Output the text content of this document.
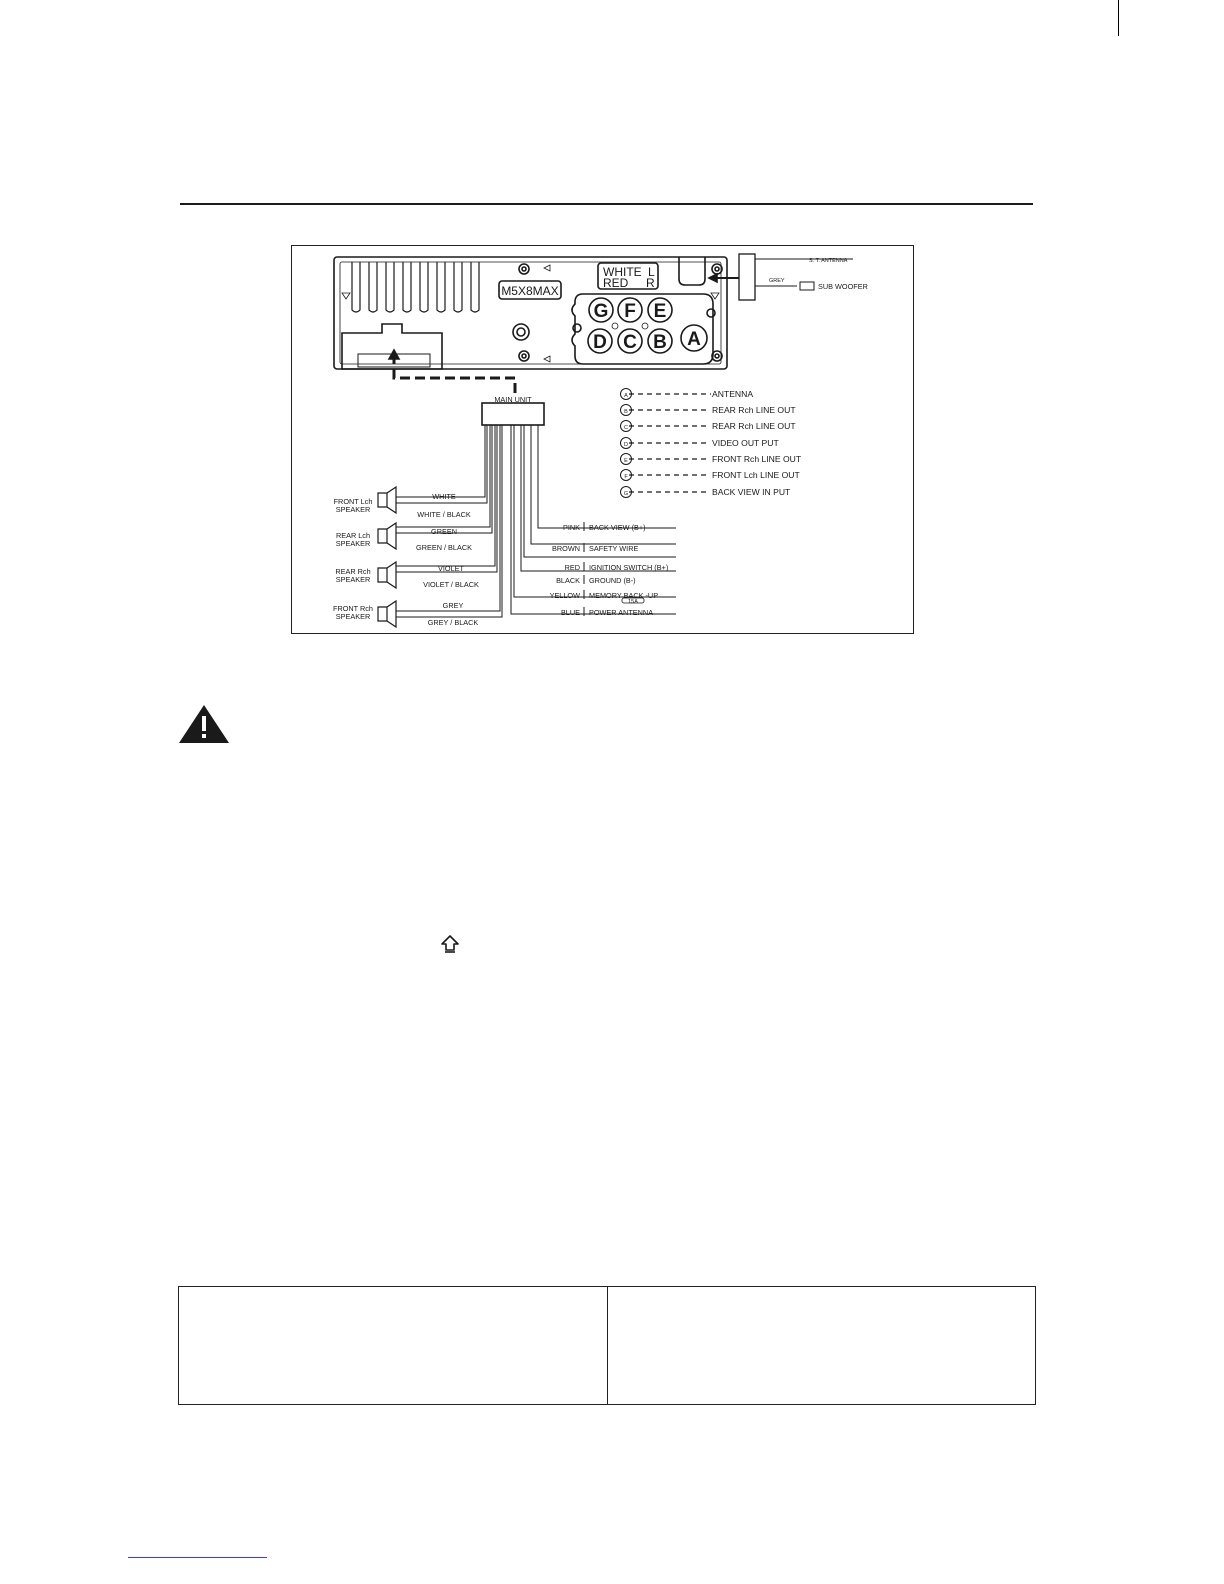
M5X8MAX
WHITE
RED
L
R
G F E
D C B A
MAIN UNIT
S. T. ANTENNA
GREY
SUB WOOFER
A	ANTENNA
B	REAR Rch LINE OUT
C	REAR Rch LINE OUT
D	VIDEO OUT PUT
E	FRONT Rch LINE OUT
F	FRONT Lch LINE OUT
G	BACK VIEW IN PUT
FRONT Lch
SPEAKER
WHITE
WHITE / BLACK
REAR Lch
SPEAKER
GREEN
GREEN / BLACK
REAR Rch
SPEAKER
VIOLET
VIOLET / BLACK
FRONT Rch
SPEAKER
GREY
GREY / BLACK
PINK BACK VIEW (B+)
BROWN SAFETY WIRE
RED IGNITION SWITCH (B+)
BLACK GROUND (B-)
YELLOW MEMORY BACK -UP
BLUE POWER ANTENNA
15A
